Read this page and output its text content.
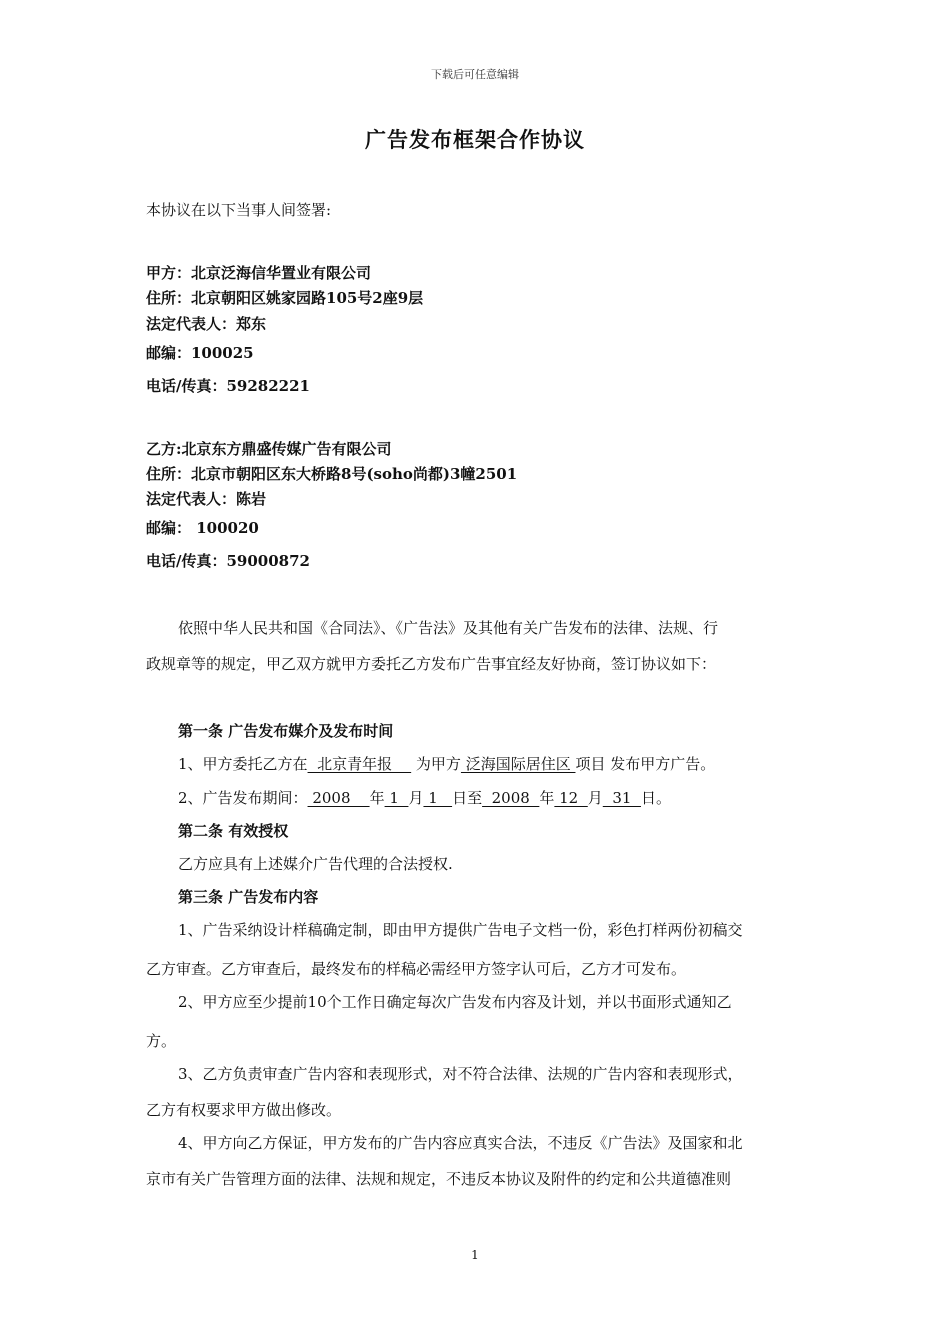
下载后可任意编辑
广告发布框架合作协议
本协议在以下当事人间签署:
甲方：北京泛海信华置业有限公司
住所：北京朝阳区姚家园路105号2座9层
法定代表人：郑东
邮编：100025
电话/传真：59282221
乙方:北京东方鼎盛传媒广告有限公司
住所：北京市朝阳区东大桥路8号(soho尚都)3幢2501
法定代表人：陈岩
邮编： 100020
电话/传真：59000872
依照中华人民共和国《合同法》、《广告法》及其他有关广告发布的法律、法规、行
政规章等的规定，甲乙双方就甲方委托乙方发布广告事宜经友好协商，签订协议如下：
第一条 广告发布媒介及发布时间
1、甲方委托乙方在  北京青年报     为甲方 泛海国际居住区 项目 发布甲方广告。
2、广告发布期间： 2008    年 1  月 1   日至  2008  年 12  月  31  日。
第二条 有效授权
乙方应具有上述媒介广告代理的合法授权.
第三条 广告发布内容
1、广告采纳设计样稿确定制，即由甲方提供广告电子文档一份，彩色打样两份初稿交
乙方审查。乙方审查后，最终发布的样稿必需经甲方签字认可后，乙方才可发布。
2、甲方应至少提前10个工作日确定每次广告发布内容及计划，并以书面形式通知乙
方。
3、乙方负责审查广告内容和表现形式，对不符合法律、法规的广告内容和表现形式，
乙方有权要求甲方做出修改。
4、甲方向乙方保证，甲方发布的广告内容应真实合法，不违反《广告法》及国家和北
京市有关广告管理方面的法律、法规和规定，不违反本协议及附件的约定和公共道德准则
1
